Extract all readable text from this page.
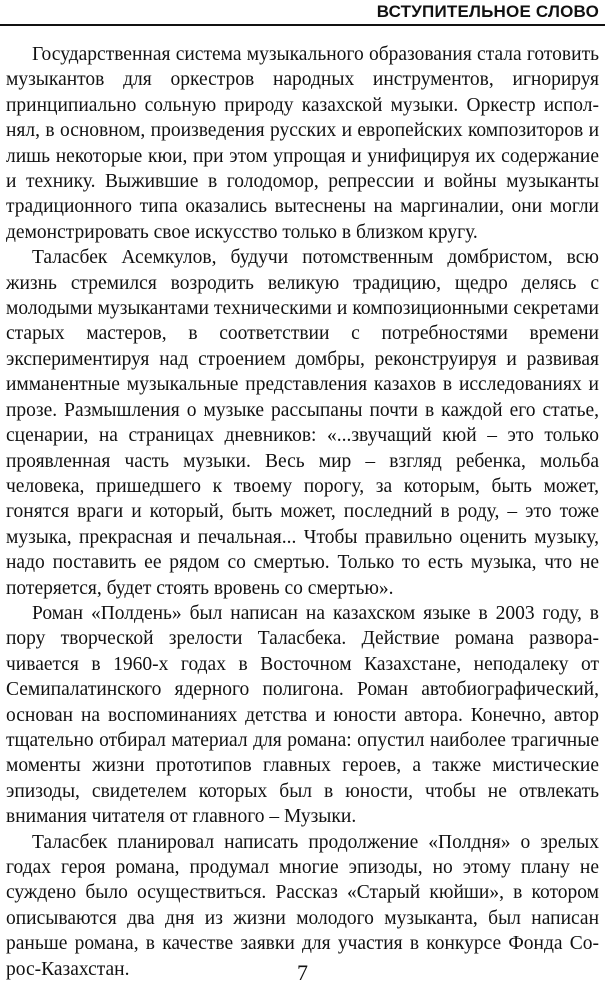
ВСТУПИТЕЛЬНОЕ СЛОВО

Государственная система музыкального образования стала готовить музыкантов для оркестров народных инструментов, игнорируя принципиально сольную природу казахской музыки. Оркестр исполнял, в основном, произведения русских и европейских композиторов и лишь некоторые кюи, при этом упрощая и унифицируя их содержание и технику. Выжившие в голодомор, репрессии и войны музыканты традиционного типа оказались вытеснены на маргиналии, они могли демонстрировать свое искусство только в близком кругу.

Таласбек Асемкулов, будучи потомственным домбристом, всю жизнь стремился возродить великую традицию, щедро делясь с молодыми музыкантами техническими и композиционными секретами старых мастеров, в соответствии с потребностями времени экспериментируя над строением домбры, реконструируя и развивая имманентные музыкальные представления казахов в исследованиях и прозе. Размышления о музыке рассыпаны почти в каждой его статье, сценарии, на страницах дневников: «...звучащий кюй – это только проявленная часть музыки. Весь мир – взгляд ребенка, мольба человека, пришедшего к твоему порогу, за которым, быть может, гонятся враги и который, быть может, последний в роду, – это тоже музыка, прекрасная и печальная... Чтобы правильно оценить музыку, надо поставить ее рядом со смертью. Только то есть музыка, что не потеряется, будет стоять вровень со смертью».

Роман «Полдень» был написан на казахском языке в 2003 году, в пору творческой зрелости Таласбека. Действие романа разворачивается в 1960-х годах в Восточном Казахстане, неподалеку от Семипалатинского ядерного полигона. Роман автобиографический, основан на воспоминаниях детства и юности автора. Конечно, автор тщательно отбирал материал для романа: опустил наиболее трагичные моменты жизни прототипов главных героев, а также мистические эпизоды, свидетелем которых был в юности, чтобы не отвлекать внимания читателя от главного – Музыки.

Таласбек планировал написать продолжение «Полдня» о зрелых годах героя романа, продумал многие эпизоды, но этому плану не суждено было осуществиться. Рассказ «Старый кюйши», в котором описываются два дня из жизни молодого музыканта, был написан раньше романа, в качестве заявки для участия в конкурсе Фонда Сорос-Казахстан.	7
